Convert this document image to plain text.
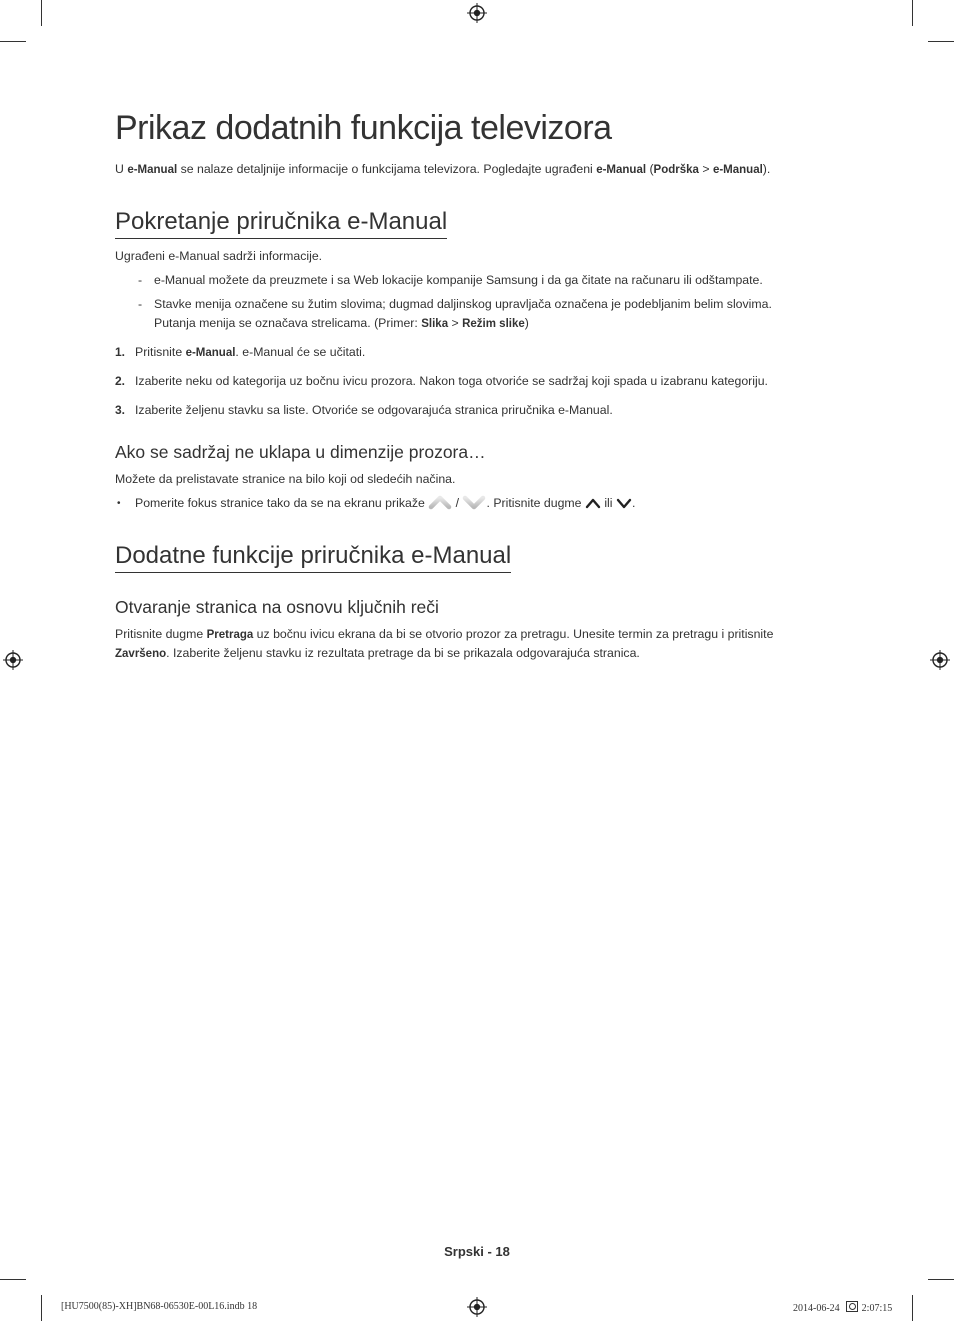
Prikaz dodatnih funkcija televizora
U e-Manual se nalaze detaljnije informacije o funkcijama televizora. Pogledajte ugrađeni e-Manual (Podrška > e-Manual).
Pokretanje priručnika e-Manual
Ugrađeni e-Manual sadrži informacije.
- e-Manual možete da preuzmete i sa Web lokacije kompanije Samsung i da ga čitate na računaru ili odštampate.
- Stavke menija označene su žutim slovima; dugmad daljinskog upravljača označena je podebljanim belim slovima.
Putanja menija se označava strelicama. (Primer: Slika > Režim slike)
1. Pritisnite e-Manual. e-Manual će se učitati.
2. Izaberite neku od kategorija uz bočnu ivicu prozora. Nakon toga otvoriće se sadržaj koji spada u izabranu kategoriju.
3. Izaberite željenu stavku sa liste. Otvoriće se odgovarajuća stranica priručnika e-Manual.
Ako se sadržaj ne uklapa u dimenzije prozora…
Možete da prelistavate stranice na bilo koji od sledećih načina.
• Pomerite fokus stranice tako da se na ekranu prikaže  / . Pritisnite dugme  ili .
Dodatne funkcije priručnika e-Manual
Otvaranje stranica na osnovu ključnih reči
Pritisnite dugme Pretraga uz bočnu ivicu ekrana da bi se otvorio prozor za pretragu. Unesite termin za pretragu i pritisnite
Završeno. Izaberite željenu stavku iz rezultata pretrage da bi se prikazala odgovarajuća stranica.
Srpski - 18
[HU7500(85)-XH]BN68-06530E-00L16.indb 18	2014-06-24 2:07:15
